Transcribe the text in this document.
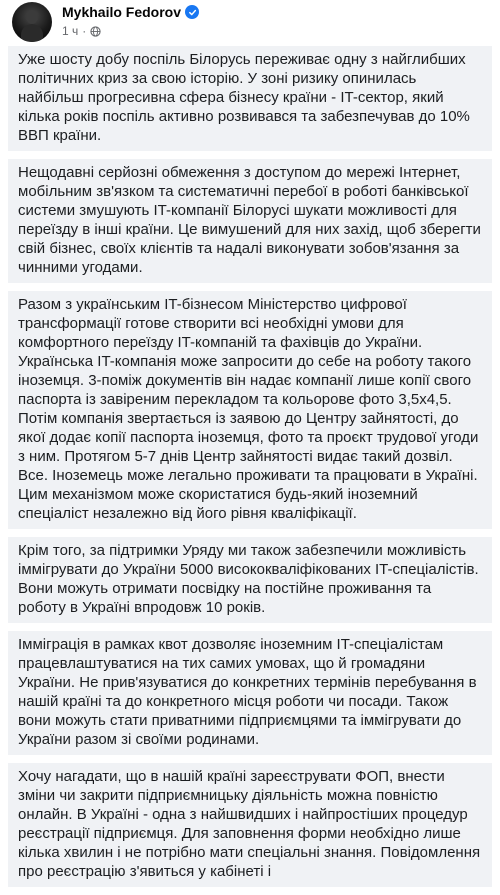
Mykhailo Fedorov
1 ч ·
Уже шосту добу поспіль Білорусь переживає одну з найглибших політичних криз за свою історію. У зоні ризику опинилась найбільш прогресивна сфера бізнесу країни - IT-сектор, який кілька років поспіль активно розвивався та забезпечував до 10% ВВП країни.
Нещодавні серйозні обмеження з доступом до мережі Інтернет, мобільним зв'язком та систематичні перебої в роботі банківської системи змушують IT-компанії Білорусі шукати можливості для переїзду в інші країни. Це вимушений для них захід, щоб зберегти свій бізнес, своїх клієнтів та надалі виконувати зобов'язання за чинними угодами.
Разом з українським IT-бізнесом Міністерство цифрової трансформації готове створити всі необхідні умови для комфортного переїзду IT-компаній та фахівців до України. Українська IT-компанія може запросити до себе на роботу такого іноземця. 3-поміж документів він надає компанії лише копії свого паспорта із завіреним перекладом та кольорове фото 3,5х4,5. Потім компанія звертається із заявою до Центру зайнятості, до якої додає копії паспорта іноземця, фото та проєкт трудової угоди з ним. Протягом 5-7 днів Центр зайнятості видає такий дозвіл. Все. Іноземець може легально проживати та працювати в Україні. Цим механізмом може скористатися будь-який іноземний спеціаліст незалежно від його рівня кваліфікації.
Крім того, за підтримки Уряду ми також забезпечили можливість іммігрувати до України 5000 висококваліфікованих IT-спеціалістів. Вони можуть отримати посвідку на постійне проживання та роботу в Україні впродовж 10 років.
Імміграція в рамках квот дозволяє іноземним IT-спеціалістам працевлаштуватися на тих самих умовах, що й громадяни України. Не прив'язуватися до конкретних термінів перебування в нашій країні та до конкретного місця роботи чи посади. Також вони можуть стати приватними підприємцями та іммігрувати до України разом зі своїми родинами.
Хочу нагадати, що в нашій країні зареєструвати ФОП, внести зміни чи закрити підприємницьку діяльність можна повністю онлайн. В Україні - одна з найшвидших і найпростіших процедур реєстрації підприємця. Для заповнення форми необхідно лише кілька хвилин і не потрібно мати спеціальні знання. Повідомлення про реєстрацію з'явиться у кабінеті і
